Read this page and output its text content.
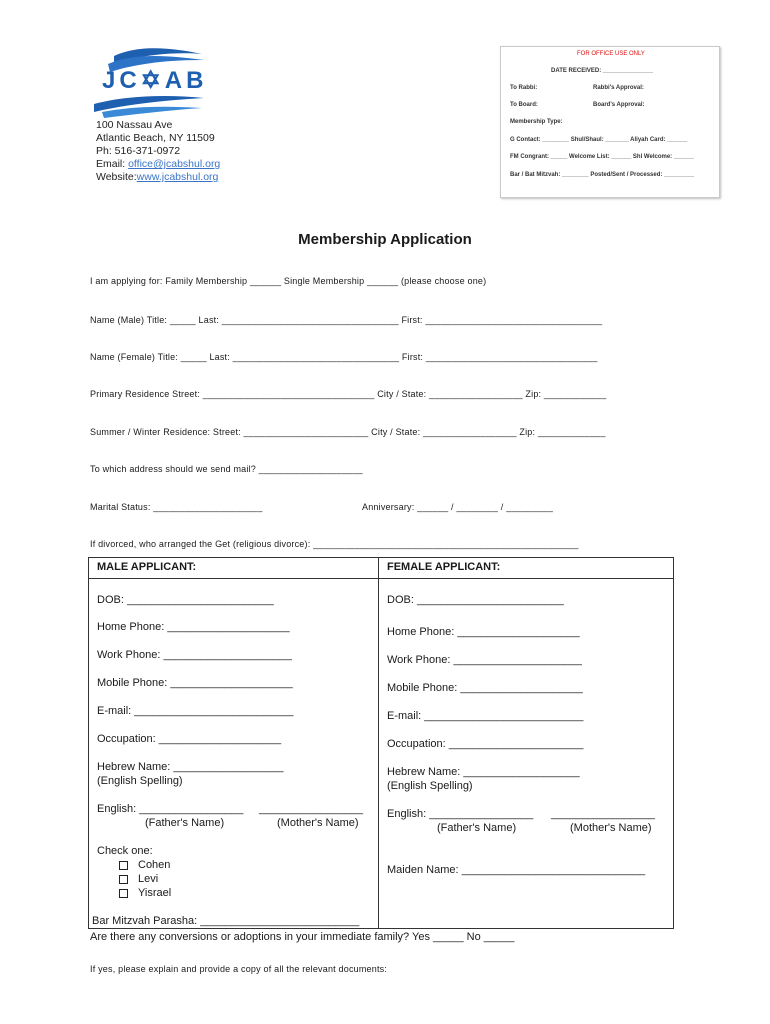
JC✡AB
100 Nassau Ave
Atlantic Beach, NY 11509
Ph: 516-371-0972
Email: office@jcabshul.org
Website:www.jcabshul.org
FOR OFFICE USE ONLY
DATE RECEIVED: _______________
To Rabbi:	Rabbi's Approval:
To Board:	Board's Approval:
Membership Type:
G Contact: ________ Shul/Shaul: _______ Aliyah Card: ______
FM Congrant: _____ Welcome List: ______ Shl Welcome: ______
Bar / Bat Mitzvah: ________ Posted/Sent / Processed: _________
Membership Application
I am applying for: Family Membership ______ Single Membership ______ (please choose one)
Name (Male) Title: _____ Last: __________________________________ First: __________________________________
Name (Female) Title: _____ Last: ________________________________ First: _________________________________
Primary Residence Street: _________________________________ City / State: __________________ Zip: ____________
Summer / Winter Residence: Street: ________________________ City / State: __________________ Zip: _____________
To which address should we send mail? ____________________
Marital Status: _____________________	Anniversary: ______ / ________ / _________
If divorced, who arranged the Get (religious divorce): ___________________________________________________
MALE APPLICANT:
DOB: ________________________
Home Phone: ____________________
Work Phone: _____________________
Mobile Phone: ____________________
E-mail: __________________________
Occupation: ____________________
Hebrew Name: __________________
(English Spelling)
English: _________________ _________________
(Father's Name)	(Mother's Name)
Check one:
Cohen
Levi
Yisrael
Bar Mitzvah Parasha: __________________________
FEMALE APPLICANT:
DOB: ________________________
Home Phone: ____________________
Work Phone: _____________________
Mobile Phone: ____________________
E-mail: __________________________
Occupation: ______________________
Hebrew Name: ___________________
(English Spelling)
English: _________________ _________________
(Father's Name)	(Mother's Name)
Maiden Name: ______________________________
Are there any conversions or adoptions in your immediate family? Yes _____ No _____
If yes, please explain and provide a copy of all the relevant documents:
